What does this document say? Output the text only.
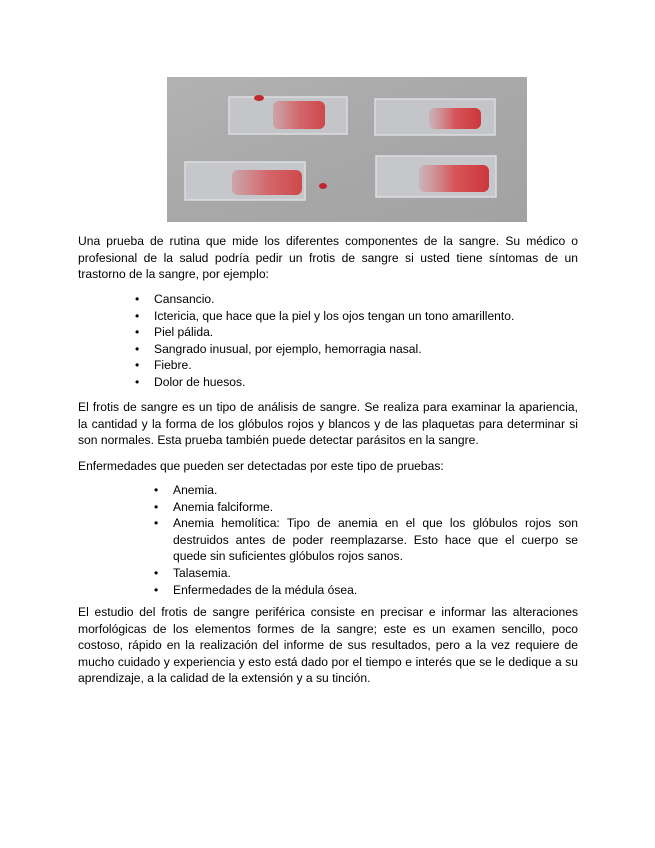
Una prueba de rutina que mide los diferentes componentes de la sangre. Su médico o profesional de la salud podría pedir un frotis de sangre si usted tiene síntomas de un trastorno de la sangre, por ejemplo:

• Cansancio.
• Ictericia, que hace que la piel y los ojos tengan un tono amarillento.
• Piel pálida.
• Sangrado inusual, por ejemplo, hemorragia nasal.
• Fiebre.
• Dolor de huesos.

El frotis de sangre es un tipo de análisis de sangre. Se realiza para examinar la apariencia, la cantidad y la forma de los glóbulos rojos y blancos y de las plaquetas para determinar si son normales. Esta prueba también puede detectar parásitos en la sangre.

Enfermedades que pueden ser detectadas por este tipo de pruebas:

• Anemia.
• Anemia falciforme.
• Anemia hemolítica: Tipo de anemia en el que los glóbulos rojos son destruidos antes de poder reemplazarse. Esto hace que el cuerpo se quede sin suficientes glóbulos rojos sanos.
• Talasemia.
• Enfermedades de la médula ósea.

El estudio del frotis de sangre periférica consiste en precisar e informar las alteraciones morfológicas de los elementos formes de la sangre; este es un examen sencillo, poco costoso, rápido en la realización del informe de sus resultados, pero a la vez requiere de mucho cuidado y experiencia y esto está dado por el tiempo e interés que se le dedique a su aprendizaje, a la calidad de la extensión y a su tinción.
